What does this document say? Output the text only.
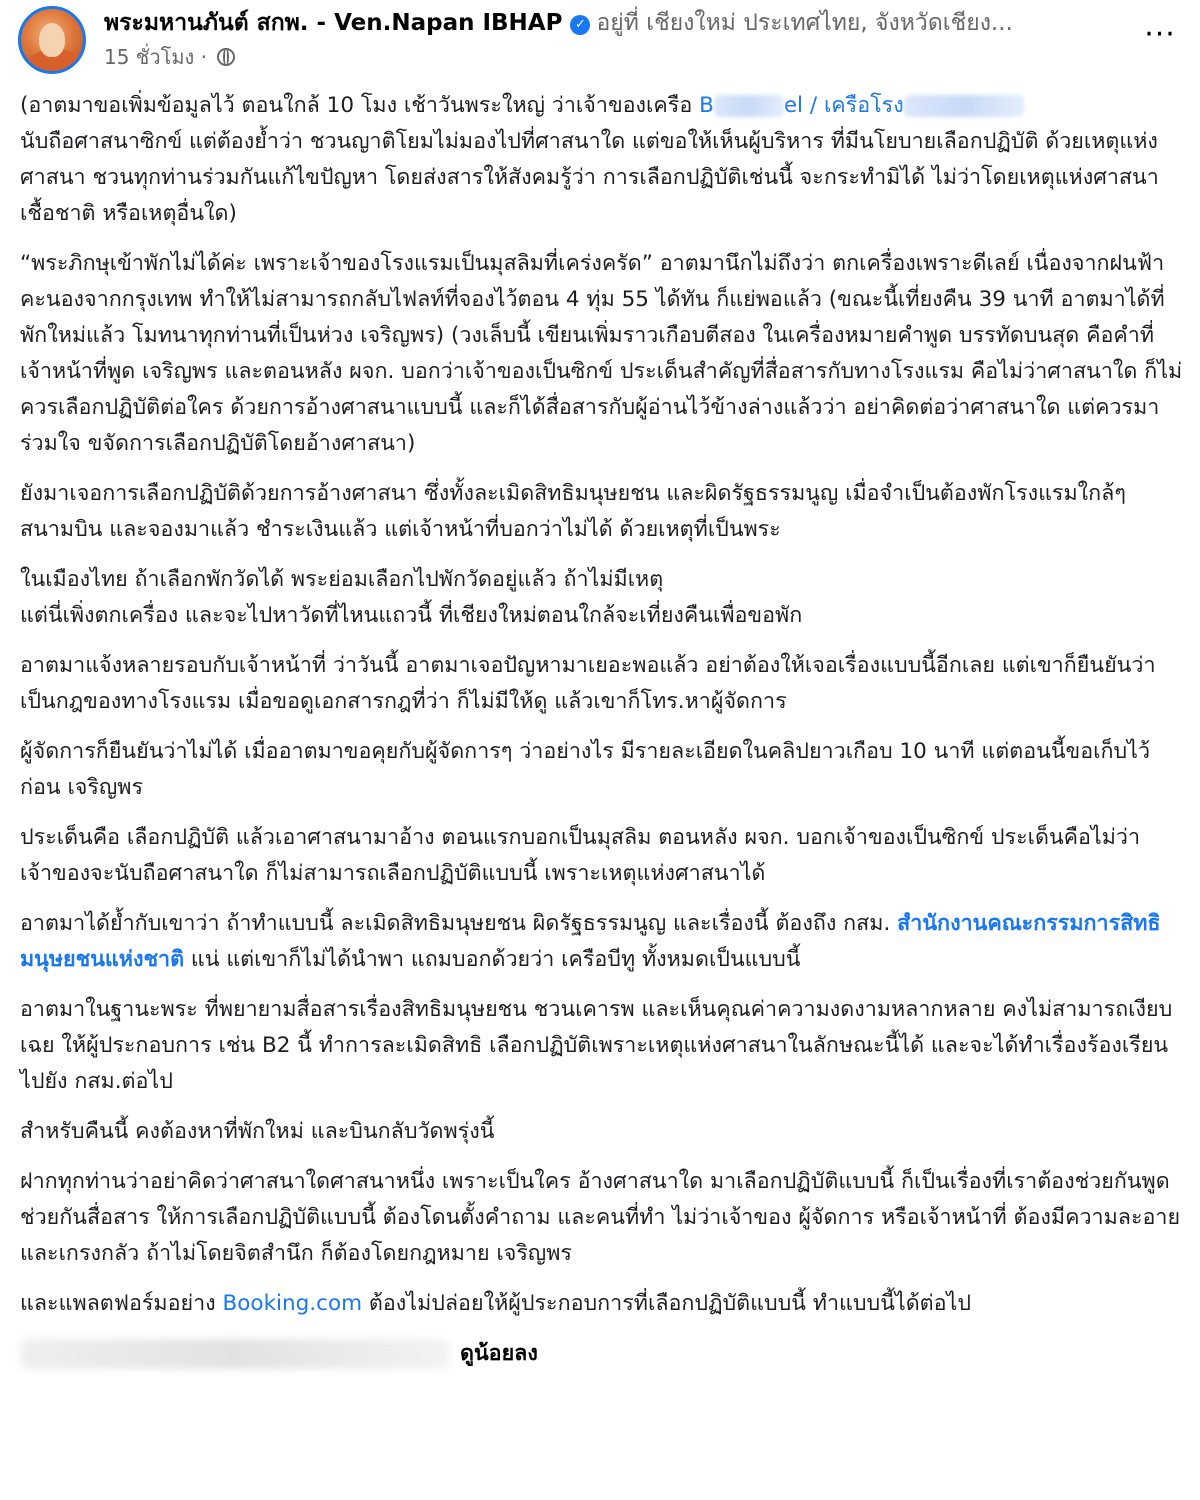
พระมหานภันต์ สกพ. - Ven.Napan IBHAP ✓ อยู่ที่ เชียงใหม่ ประเทศไทย, จังหวัดเชียง...
15 ชั่วโมง ·
···

(อาตมาขอเพิ่มข้อมูลไว้ ตอนใกล้ 10 โมง เช้าวันพระใหญ่ ว่าเจ้าของเครือ B	el / เครือโรง
นับถือศาสนาซิกข์ แต่ต้องย้ำว่า ชวนญาติโยมไม่มองไปที่ศาสนาใด แต่ขอให้เห็นผู้บริหาร ที่มีนโยบายเลือกปฏิบัติ ด้วยเหตุแห่งศาสนา ชวนทุกท่านร่วมกันแก้ไขปัญหา โดยส่งสารให้สังคมรู้ว่า การเลือกปฏิบัติเช่นนี้ จะกระทำมิได้ ไม่ว่าโดยเหตุแห่งศาสนา เชื้อชาติ หรือเหตุอื่นใด)

“พระภิกษุเข้าพักไม่ได้ค่ะ เพราะเจ้าของโรงแรมเป็นมุสลิมที่เคร่งครัด” อาตมานึกไม่ถึงว่า ตกเครื่องเพราะดีเลย์ เนื่องจากฝนฟ้าคะนองจากกรุงเทพ ทำให้ไม่สามารถกลับไฟลท์ที่จองไว้ตอน 4 ทุ่ม 55 ได้ทัน ก็แย่พอแล้ว (ขณะนี้เที่ยงคืน 39 นาที อาตมาได้ที่พักใหม่แล้ว โมทนาทุกท่านที่เป็นห่วง เจริญพร) (วงเล็บนี้ เขียนเพิ่มราวเกือบตีสอง ในเครื่องหมายคำพูด บรรทัดบนสุด คือคำที่เจ้าหน้าที่พูด เจริญพร และตอนหลัง ผจก. บอกว่าเจ้าของเป็นซิกข์ ประเด็นสำคัญที่สื่อสารกับทางโรงแรม คือไม่ว่าศาสนาใด ก็ไม่ควรเลือกปฏิบัติต่อใคร ด้วยการอ้างศาสนาแบบนี้ และก็ได้สื่อสารกับผู้อ่านไว้ข้างล่างแล้วว่า อย่าคิดต่อว่าศาสนาใด แต่ควรมาร่วมใจ ขจัดการเลือกปฏิบัติโดยอ้างศาสนา)

ยังมาเจอการเลือกปฏิบัติด้วยการอ้างศาสนา ซึ่งทั้งละเมิดสิทธิมนุษยชน และผิดรัฐธรรมนูญ เมื่อจำเป็นต้องพักโรงแรมใกล้ๆ สนามบิน และจองมาแล้ว ชำระเงินแล้ว แต่เจ้าหน้าที่บอกว่าไม่ได้ ด้วยเหตุที่เป็นพระ

ในเมืองไทย ถ้าเลือกพักวัดได้ พระย่อมเลือกไปพักวัดอยู่แล้ว ถ้าไม่มีเหตุ
แต่นี่เพิ่งตกเครื่อง และจะไปหาวัดที่ไหนแถวนี้ ที่เชียงใหม่ตอนใกล้จะเที่ยงคืนเพื่อขอพัก

อาตมาแจ้งหลายรอบกับเจ้าหน้าที่ ว่าวันนี้ อาตมาเจอปัญหามาเยอะพอแล้ว อย่าต้องให้เจอเรื่องแบบนี้อีกเลย แต่เขาก็ยืนยันว่าเป็นกฎของทางโรงแรม เมื่อขอดูเอกสารกฎที่ว่า ก็ไม่มีให้ดู แล้วเขาก็โทร.หาผู้จัดการ

ผู้จัดการก็ยืนยันว่าไม่ได้ เมื่ออาตมาขอคุยกับผู้จัดการๆ ว่าอย่างไร มีรายละเอียดในคลิปยาวเกือบ 10 นาที แต่ตอนนี้ขอเก็บไว้ก่อน เจริญพร

ประเด็นคือ เลือกปฏิบัติ แล้วเอาศาสนามาอ้าง ตอนแรกบอกเป็นมุสลิม ตอนหลัง ผจก. บอกเจ้าของเป็นซิกข์ ประเด็นคือไม่ว่าเจ้าของจะนับถือศาสนาใด ก็ไม่สามารถเลือกปฏิบัติแบบนี้ เพราะเหตุแห่งศาสนาได้

อาตมาได้ย้ำกับเขาว่า ถ้าทำแบบนี้ ละเมิดสิทธิมนุษยชน ผิดรัฐธรรมนูญ และเรื่องนี้ ต้องถึง กสม. สำนักงานคณะกรรมการสิทธิมนุษยชนแห่งชาติ แน่ แต่เขาก็ไม่ได้นำพา แถมบอกด้วยว่า เครือบีทู ทั้งหมดเป็นแบบนี้

อาตมาในฐานะพระ ที่พยายามสื่อสารเรื่องสิทธิมนุษยชน ชวนเคารพ และเห็นคุณค่าความงดงามหลากหลาย คงไม่สามารถเงียบเฉย ให้ผู้ประกอบการ เช่น B2 นี้ ทำการละเมิดสิทธิ เลือกปฏิบัติเพราะเหตุแห่งศาสนาในลักษณะนี้ได้ และจะได้ทำเรื่องร้องเรียนไปยัง กสม.ต่อไป

สำหรับคืนนี้ คงต้องหาที่พักใหม่ และบินกลับวัดพรุ่งนี้

ฝากทุกท่านว่าอย่าคิดว่าศาสนาใดศาสนาหนึ่ง เพราะเป็นใคร อ้างศาสนาใด มาเลือกปฏิบัติแบบนี้ ก็เป็นเรื่องที่เราต้องช่วยกันพูด ช่วยกันสื่อสาร ให้การเลือกปฏิบัติแบบนี้ ต้องโดนตั้งคำถาม และคนที่ทำ ไม่ว่าเจ้าของ ผู้จัดการ หรือเจ้าหน้าที่ ต้องมีความละอาย และเกรงกลัว ถ้าไม่โดยจิตสำนึก ก็ต้องโดยกฎหมาย เจริญพร

และแพลตฟอร์มอย่าง Booking.com ต้องไม่ปล่อยให้ผู้ประกอบการที่เลือกปฏิบัติแบบนี้ ทำแบบนี้ได้ต่อไป

ดูน้อยลง
